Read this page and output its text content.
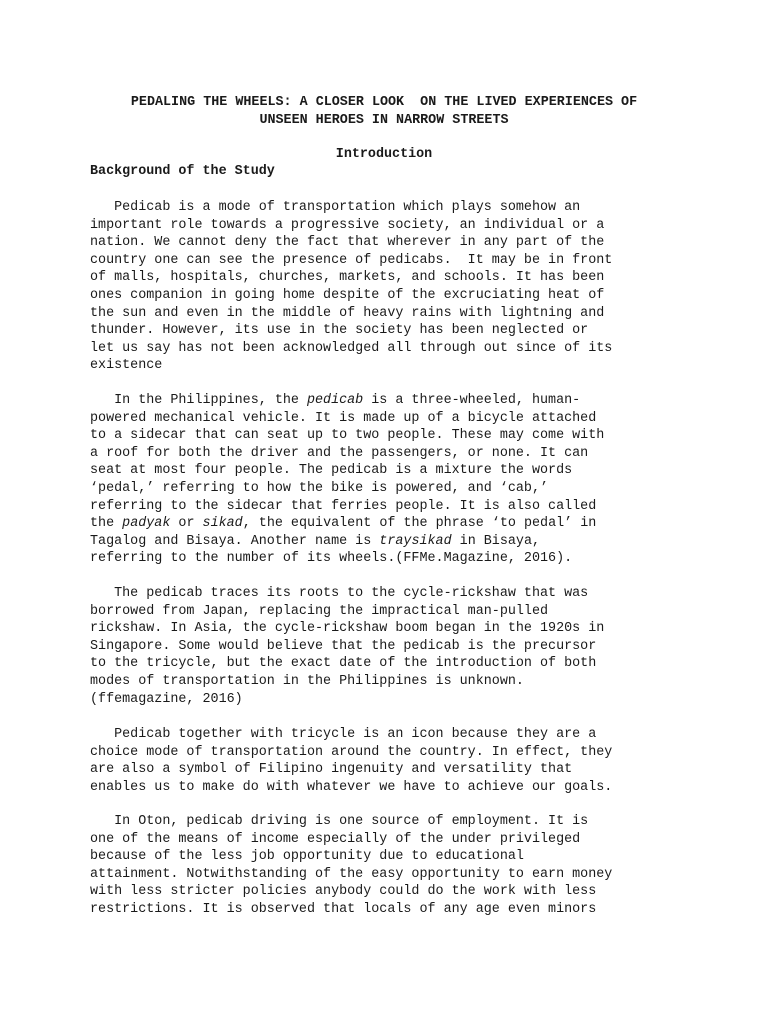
PEDALING THE WHEELS: A CLOSER LOOK  ON THE LIVED EXPERIENCES OF
UNSEEN HEROES IN NARROW STREETS
Introduction
Background of the Study
Pedicab is a mode of transportation which plays somehow an
important role towards a progressive society, an individual or a
nation. We cannot deny the fact that wherever in any part of the
country one can see the presence of pedicabs.  It may be in front
of malls, hospitals, churches, markets, and schools. It has been
ones companion in going home despite of the excruciating heat of
the sun and even in the middle of heavy rains with lightning and
thunder. However, its use in the society has been neglected or
let us say has not been acknowledged all through out since of its
existence
In the Philippines, the pedicab is a three-wheeled, human-
powered mechanical vehicle. It is made up of a bicycle attached
to a sidecar that can seat up to two people. These may come with
a roof for both the driver and the passengers, or none. It can
seat at most four people. The pedicab is a mixture the words
‘pedal,’ referring to how the bike is powered, and ‘cab,’
referring to the sidecar that ferries people. It is also called
the padyak or sikad, the equivalent of the phrase ‘to pedal’ in
Tagalog and Bisaya. Another name is traysikad in Bisaya,
referring to the number of its wheels.(FFMe.Magazine, 2016).
The pedicab traces its roots to the cycle-rickshaw that was
borrowed from Japan, replacing the impractical man-pulled
rickshaw. In Asia, the cycle-rickshaw boom began in the 1920s in
Singapore. Some would believe that the pedicab is the precursor
to the tricycle, but the exact date of the introduction of both
modes of transportation in the Philippines is unknown.
(ffemagazine, 2016)
Pedicab together with tricycle is an icon because they are a
choice mode of transportation around the country. In effect, they
are also a symbol of Filipino ingenuity and versatility that
enables us to make do with whatever we have to achieve our goals.
In Oton, pedicab driving is one source of employment. It is
one of the means of income especially of the under privileged
because of the less job opportunity due to educational
attainment. Notwithstanding of the easy opportunity to earn money
with less stricter policies anybody could do the work with less
restrictions. It is observed that locals of any age even minors
